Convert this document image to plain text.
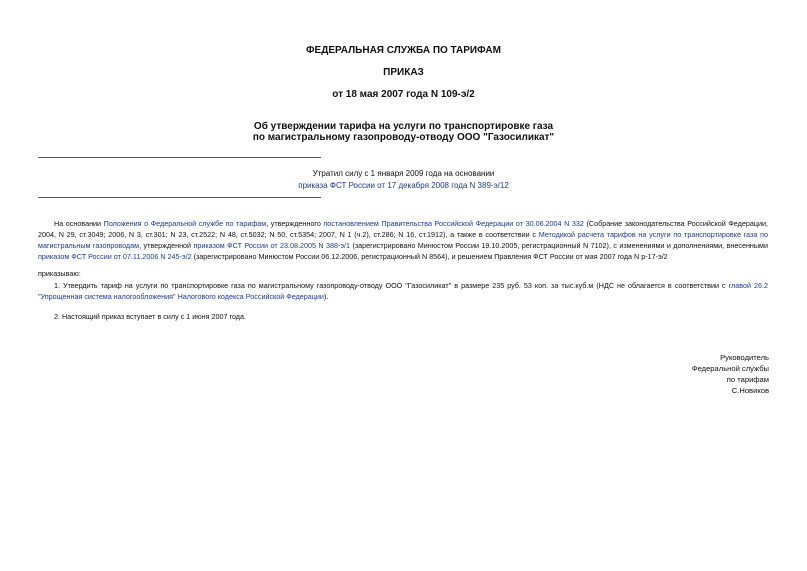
ФЕДЕРАЛЬНАЯ СЛУЖБА ПО ТАРИФАМ

ПРИКАЗ

от 18 мая 2007 года N 109-э/2

Об утверждении тарифа на услуги по транспортировке газа

по магистральному газопроводу-отводу ООО "Газосиликат"

Утратил силу с 1 января 2009 года на основании
приказа ФСТ России от 17 декабря 2008 года N 389-э/12

На основании Положения о Федеральной службе по тарифам, утвержденного постановлением Правительства Российской Федерации от 30.06.2004 N 332 (Собрание законодательства Российской Федерации, 2004, N 29, ст.3049; 2006, N 3, ст.301; N 23, ст.2522; N 48, ст.5032; N 50, ст.5354; 2007, N 1 (ч.2), ст.286; N 16, ст.1912), а также в соответствии с Методикой расчета тарифов на услуги по транспортировке газа по магистральным газопроводам, утвержденной приказом ФСТ России от 23.08.2005 N 388-э/1 (зарегистрировано Минюстом России 19.10.2005, регистрационный N 7102), с изменениями и дополнениями, внесенными приказом ФСТ России от 07.11.2006 N 245-э/2 (зарегистрировано Минюстом России 06.12.2006, регистрационный N 8564), и решением Правления ФСТ России от мая 2007 года N р-17-э/2

приказываю:

1. Утвердить тариф на услуги по транспортировке газа по магистральному газопроводу-отводу ООО "Газосиликат" в размере 235 руб. 53 коп. за тыс.куб.м (НДС не облагается в соответствии с главой 26.2 "Упрощенная система налогообложения" Налогового кодекса Российской Федерации).

2. Настоящий приказ вступает в силу с 1 июня 2007 года.

Руководитель
Федеральной службы
по тарифам
С.Новиков
